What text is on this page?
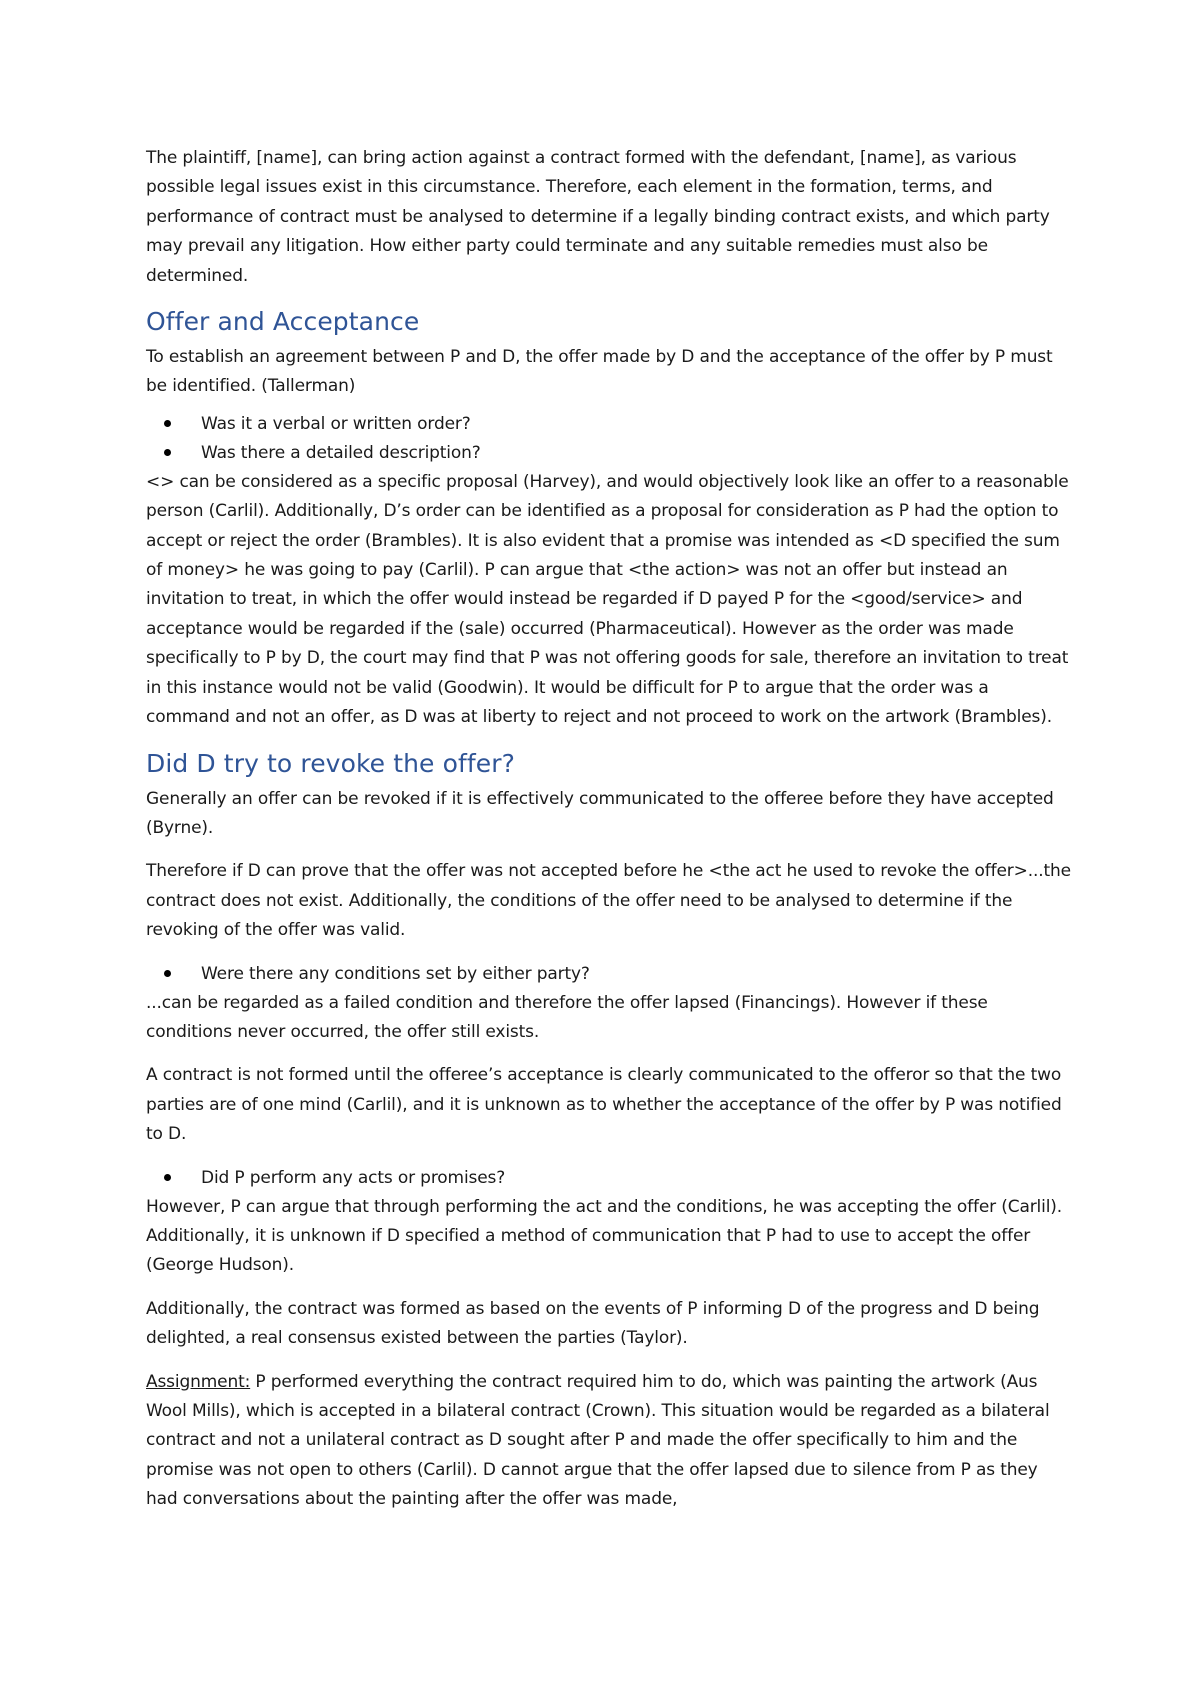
The plaintiff, [name], can bring action against a contract formed with the defendant, [name], as various possible legal issues exist in this circumstance. Therefore, each element in the formation, terms, and performance of contract must be analysed to determine if a legally binding contract exists, and which party may prevail any litigation. How either party could terminate and any suitable remedies must also be determined.

Offer and Acceptance

To establish an agreement between P and D, the offer made by D and the acceptance of the offer by P must be identified. (Tallerman)

Was it a verbal or written order?
Was there a detailed description?

<> can be considered as a specific proposal (Harvey), and would objectively look like an offer to a reasonable person (Carlil). Additionally, D’s order can be identified as a proposal for consideration as P had the option to accept or reject the order (Brambles). It is also evident that a promise was intended as <D specified the sum of money> he was going to pay (Carlil). P can argue that <the action> was not an offer but instead an invitation to treat, in which the offer would instead be regarded if D payed P for the <good/service> and acceptance would be regarded if the (sale) occurred (Pharmaceutical). However as the order was made specifically to P by D, the court may find that P was not offering goods for sale, therefore an invitation to treat in this instance would not be valid (Goodwin). It would be difficult for P to argue that the order was a command and not an offer, as D was at liberty to reject and not proceed to work on the artwork (Brambles).

Did D try to revoke the offer?

Generally an offer can be revoked if it is effectively communicated to the offeree before they have accepted (Byrne).

Therefore if D can prove that the offer was not accepted before he <the act he used to revoke the offer>...the contract does not exist. Additionally, the conditions of the offer need to be analysed to determine if the revoking of the offer was valid.

Were there any conditions set by either party?

...can be regarded as a failed condition and therefore the offer lapsed (Financings). However if these conditions never occurred, the offer still exists.

A contract is not formed until the offeree’s acceptance is clearly communicated to the offeror so that the two parties are of one mind (Carlil), and it is unknown as to whether the acceptance of the offer by P was notified to D.

Did P perform any acts or promises?

However, P can argue that through performing the act and the conditions, he was accepting the offer (Carlil). Additionally, it is unknown if D specified a method of communication that P had to use to accept the offer (George Hudson).

Additionally, the contract was formed as based on the events of P informing D of the progress and D being delighted, a real consensus existed between the parties (Taylor).

Assignment: P performed everything the contract required him to do, which was painting the artwork (Aus Wool Mills), which is accepted in a bilateral contract (Crown). This situation would be regarded as a bilateral contract and not a unilateral contract as D sought after P and made the offer specifically to him and the promise was not open to others (Carlil). D cannot argue that the offer lapsed due to silence from P as they had conversations about the painting after the offer was made,
